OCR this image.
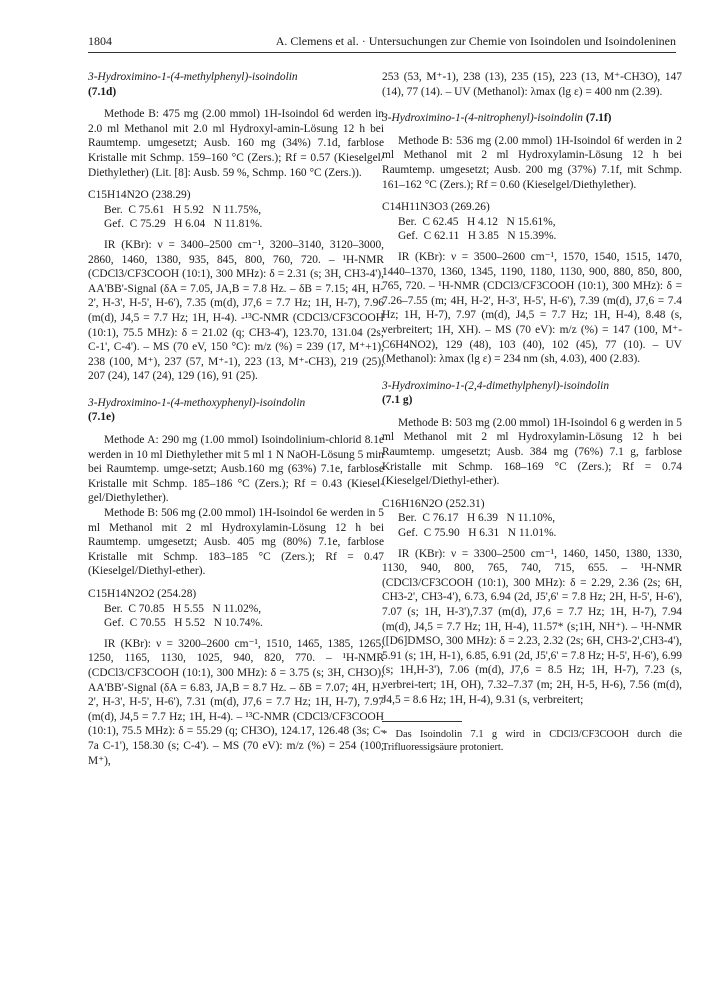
1804	A. Clemens et al. · Untersuchungen zur Chemie von Isoindolen und Isoindoleninen
3-Hydroximino-1-(4-methylphenyl)-isoindolin
(7.1d)

Methode B: 475 mg (2.00 mmol) 1H-Isoindol 6d werden in 2.0 ml Methanol mit 2.0 ml Hydroxyl-amin-Lösung 12 h bei Raumtemp. umgesetzt; Ausb. 160 mg (34%) 7.1d, farblose Kristalle mit Schmp. 159–160 °C (Zers.); Rf = 0.57 (Kieselgel/ Diethylether) (Lit. [8]: Ausb. 59 %, Schmp. 160 °C (Zers.)).

C15H14N2O (238.29)
Ber.  C 75.61   H 5.92   N 11.75%,
Gef.  C 75.29   H 6.04   N 11.81%.

IR (KBr): ν = 3400–2500 cm⁻¹, 3200–3140, 3120–3000, 2860, 1460, 1380, 935, 845, 800, 760, 720. – ¹H-NMR (CDCl3/CF3COOH (10:1), 300 MHz): δ = 2.31 (s; 3H, CH3-4'), AA'BB'-Signal (δA = 7.05, JA,B = 7.8 Hz. – δB = 7.15; 4H, H-2', H-3', H-5', H-6'), 7.35 (m(d), J7,6 = 7.7 Hz; 1H, H-7), 7.96 (m(d), J4,5 = 7.7 Hz; 1H, H-4). -¹³C-NMR (CDCl3/CF3COOH (10:1), 75.5 MHz): δ = 21.02 (q; CH3-4'), 123.70, 131.04 (2s; C-1', C-4'). – MS (70 eV, 150 °C): m/z (%) = 239 (17, M⁺+1), 238 (100, M⁺), 237 (57, M⁺-1), 223 (13, M⁺-CH3), 219 (25), 207 (24), 147 (24), 129 (16), 91 (25).

3-Hydroximino-1-(4-methoxyphenyl)-isoindolin
(7.1e)

Methode A: 290 mg (1.00 mmol) Isoindolinium-chlorid 8.1e werden in 10 ml Diethylether mit 5 ml 1 N NaOH-Lösung 5 min bei Raumtemp. umge-setzt; Ausb.160 mg (63%) 7.1e, farblose Kristalle mit Schmp. 185–186 °C (Zers.); Rf = 0.43 (Kiesel-gel/Diethylether).

Methode B: 506 mg (2.00 mmol) 1H-Isoindol 6e werden in 5 ml Methanol mit 2 ml Hydroxylamin-Lösung 12 h bei Raumtemp. umgesetzt; Ausb. 405 mg (80%) 7.1e, farblose Kristalle mit Schmp. 183–185 °C (Zers.); Rf = 0.47 (Kieselgel/Diethyl-ether).

C15H14N2O2 (254.28)
Ber.  C 70.85   H 5.55   N 11.02%,
Gef.  C 70.55   H 5.52   N 10.74%.

IR (KBr): ν = 3200–2600 cm⁻¹, 1510, 1465, 1385, 1265, 1250, 1165, 1130, 1025, 940, 820, 770. – ¹H-NMR (CDCl3/CF3COOH (10:1), 300 MHz): δ = 3.75 (s; 3H, CH3O), AA'BB'-Signal (δA = 6.83, JA,B = 8.7 Hz. – δB = 7.07; 4H, H-2', H-3', H-5', H-6'), 7.31 (m(d), J7,6 = 7.7 Hz; 1H, H-7), 7.97 (m(d), J4,5 = 7.7 Hz; 1H, H-4). – ¹³C-NMR (CDCl3/CF3COOH (10:1), 75.5 MHz): δ = 55.29 (q; CH3O), 124.17, 126.48 (3s; C-7a C-1'), 158.30 (s; C-4'). – MS (70 eV): m/z (%) = 254 (100, M⁺),

253 (53, M⁺-1), 238 (13), 235 (15), 223 (13, M⁺-CH3O), 147 (14), 77 (14). – UV (Methanol): λmax (lg ε) = 400 nm (2.39).

3-Hydroximino-1-(4-nitrophenyl)-isoindolin (7.1f)

Methode B: 536 mg (2.00 mmol) 1H-Isoindol 6f werden in 2 ml Methanol mit 2 ml Hydroxylamin-Lösung 12 h bei Raumtemp. umgesetzt; Ausb. 200 mg (37%) 7.1f, mit Schmp. 161–162 °C (Zers.); Rf = 0.60 (Kieselgel/Diethylether).

C14H11N3O3 (269.26)
Ber.  C 62.45   H 4.12   N 15.61%,
Gef.  C 62.11   H 3.85   N 15.39%.

IR (KBr): ν = 3500–2600 cm⁻¹, 1570, 1540, 1515, 1470, 1440–1370, 1360, 1345, 1190, 1180, 1130, 900, 880, 850, 800, 765, 720. – ¹H-NMR (CDCl3/CF3COOH (10:1), 300 MHz): δ = 7.26–7.55 (m; 4H, H-2', H-3', H-5', H-6'), 7.39 (m(d), J7,6 = 7.4 Hz; 1H, H-7), 7.97 (m(d), J4,5 = 7.7 Hz; 1H, H-4), 8.48 (s, verbreitert; 1H, XH). – MS (70 eV): m/z (%) = 147 (100, M⁺-C6H4NO2), 129 (48), 103 (40), 102 (45), 77 (10). – UV (Methanol): λmax (lg ε) = 234 nm (sh, 4.03), 400 (2.83).

3-Hydroximino-1-(2,4-dimethylphenyl)-isoindolin
(7.1 g)

Methode B: 503 mg (2.00 mmol) 1H-Isoindol 6 g werden in 5 ml Methanol mit 2 ml Hydroxylamin-Lösung 12 h bei Raumtemp. umgesetzt; Ausb. 384 mg (76%) 7.1 g, farblose Kristalle mit Schmp. 168–169 °C (Zers.); Rf = 0.74 (Kieselgel/Diethyl-ether).

C16H16N2O (252.31)
Ber.  C 76.17   H 6.39   N 11.10%,
Gef.  C 75.90   H 6.31   N 11.01%.

IR (KBr): ν = 3300–2500 cm⁻¹, 1460, 1450, 1380, 1330, 1130, 940, 800, 765, 740, 715, 655. – ¹H-NMR (CDCl3/CF3COOH (10:1), 300 MHz): δ = 2.29, 2.36 (2s; 6H, CH3-2', CH3-4'), 6.73, 6.94 (2d, J5',6' = 7.8 Hz; 2H, H-5', H-6'), 7.07 (s; 1H, H-3'),7.37 (m(d), J7,6 = 7.7 Hz; 1H, H-7), 7.94 (m(d), J4,5 = 7.7 Hz; 1H, H-4), 11.57* (s;1H, NH⁺). – ¹H-NMR ([D6]DMSO, 300 MHz): δ = 2.23, 2.32 (2s; 6H, CH3-2',CH3-4'), 5.91 (s; 1H, H-1), 6.85, 6.91 (2d, J5',6' = 7.8 Hz; H-5', H-6'), 6.99 (s; 1H,H-3'), 7.06 (m(d), J7,6 = 8.5 Hz; 1H, H-7), 7.23 (s, verbrei-tert; 1H, OH), 7.32–7.37 (m; 2H, H-5, H-6), 7.56 (m(d), J4,5 = 8.6 Hz; 1H, H-4), 9.31 (s, verbreitert;

* Das Isoindolin 7.1 g wird in CDCl3/CF3COOH durch die Trifluoressigsäure protoniert.
